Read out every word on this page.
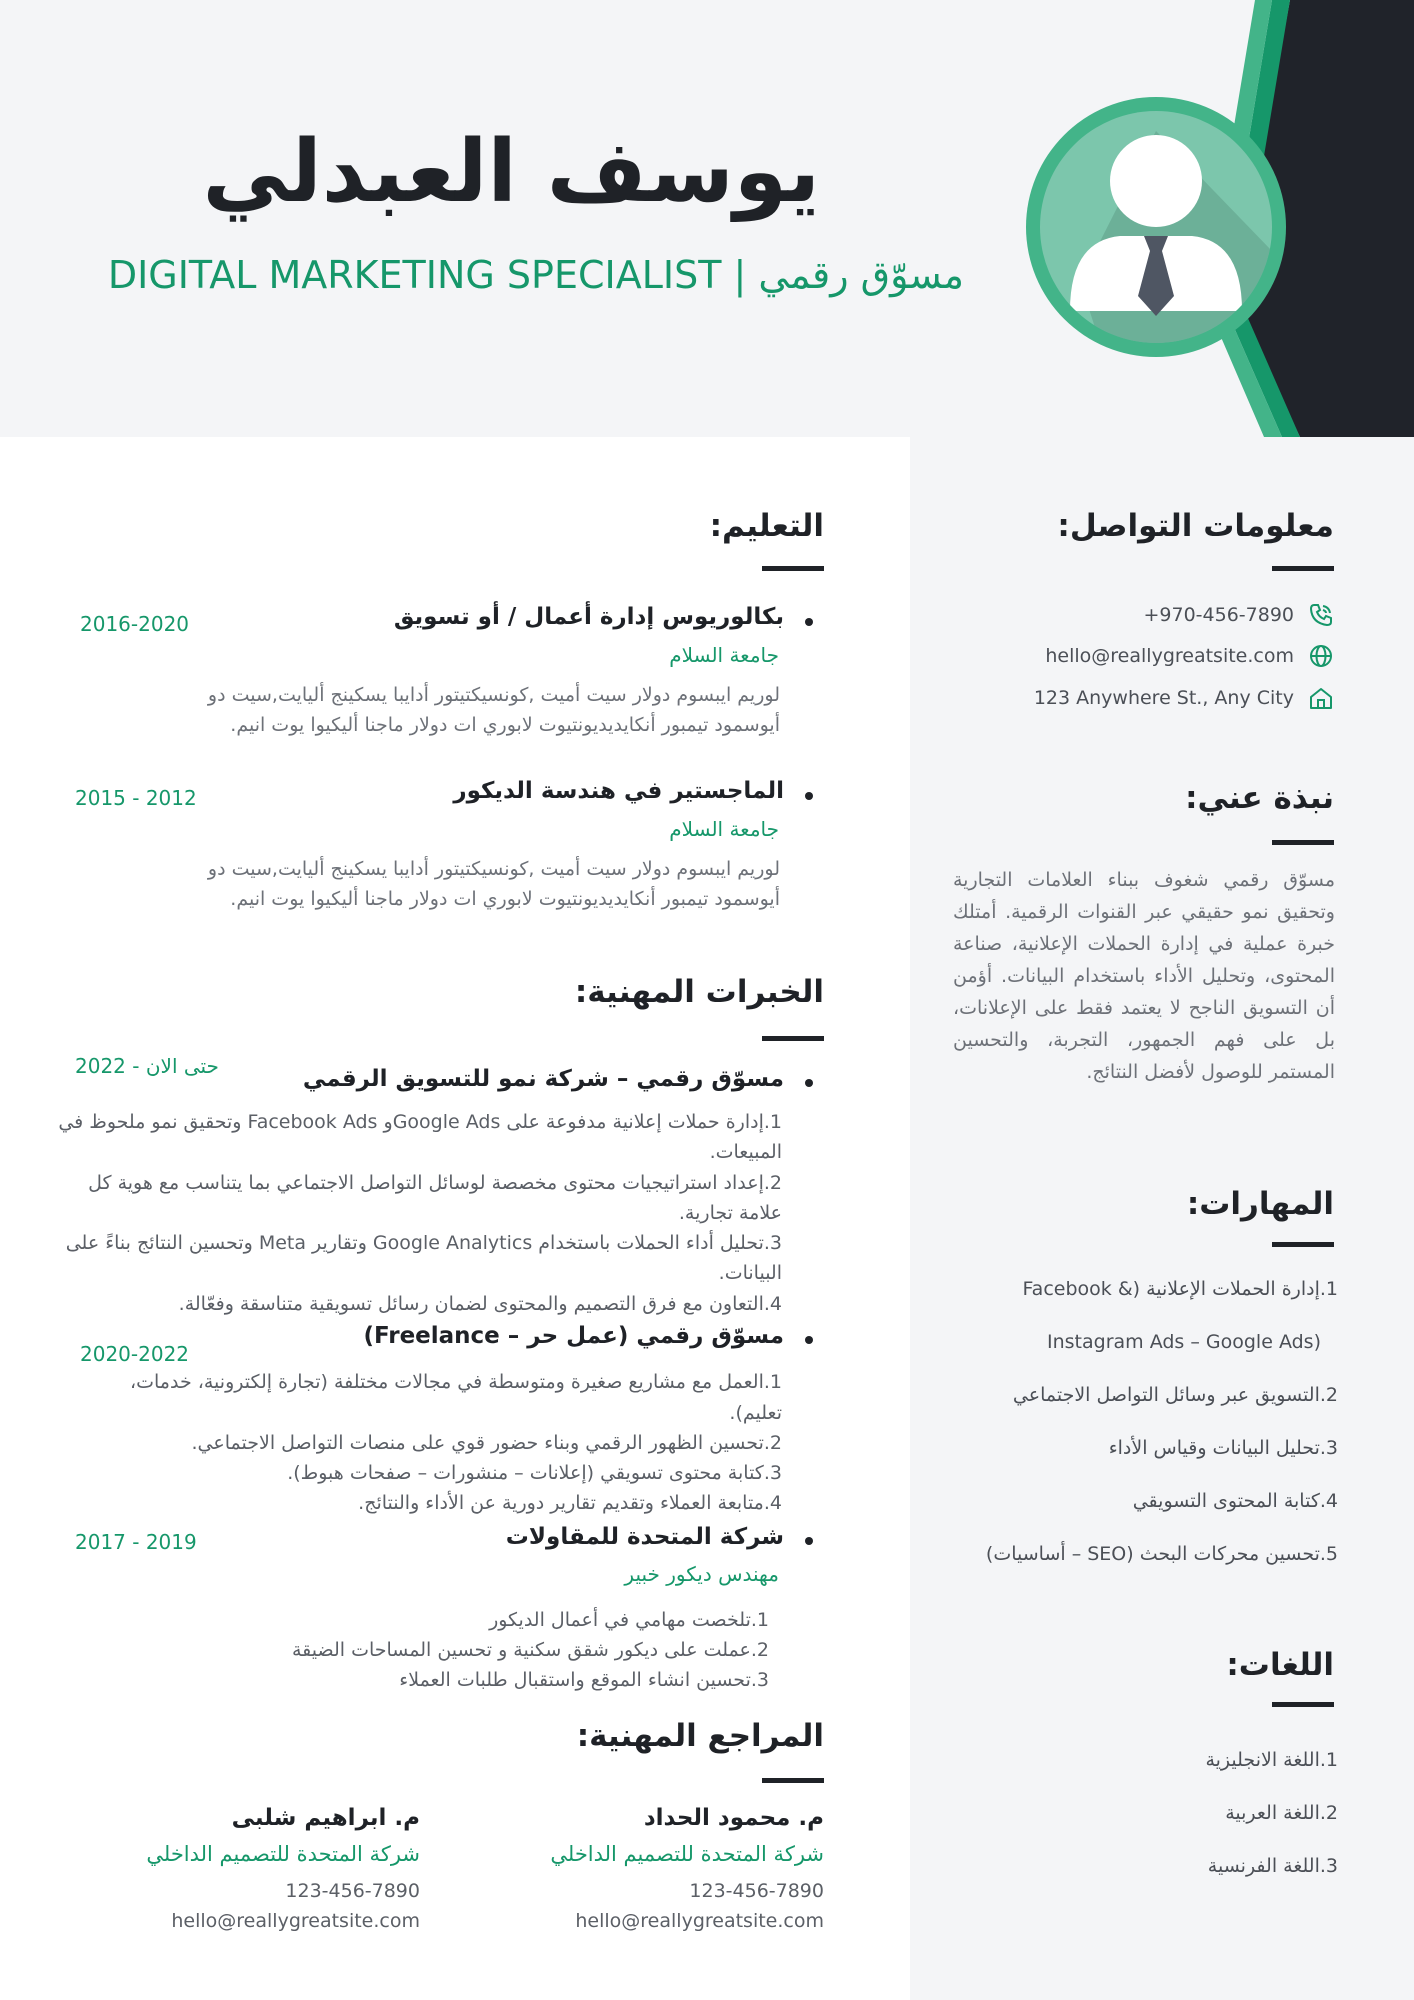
يوسف العبدلي
DIGITAL MARKETING SPECIALIST | مسوّق رقمي
معلومات التواصل:
+970-456-7890
hello@reallygreatsite.com
123 Anywhere St., Any City
نبذة عني:
مسوّق رقمي شغوف ببناء العلامات التجارية وتحقيق نمو حقيقي عبر القنوات الرقمية. أمتلك خبرة عملية في إدارة الحملات الإعلانية، صناعة المحتوى، وتحليل الأداء باستخدام البيانات. أؤمن أن التسويق الناجح لا يعتمد فقط على الإعلانات، بل على فهم الجمهور، التجربة، والتحسين المستمر للوصول لأفضل النتائج.
المهارات:
1.إدارة الحملات الإعلانية (& Facebook
(Instagram Ads – Google Ads
2.التسويق عبر وسائل التواصل الاجتماعي
3.تحليل البيانات وقياس الأداء
4.كتابة المحتوى التسويقي
5.تحسين محركات البحث (SEO – أساسيات)
اللغات:
1.اللغة الانجليزية
2.اللغة العربية
3.اللغة الفرنسية
التعليم:
بكالوريوس إدارة أعمال / أو تسويق
2016-2020
جامعة السلام
لوريم ايبسوم دولار سيت أميت ,كونسيكتيتور أدايبا يسكينج أليايت,سيت دو
أيوسمود تيمبور أنكايديديونتيوت لابوري ات دولار ماجنا أليكيوا يوت انيم.
الماجستير في هندسة الديكور
2015 - 2012
جامعة السلام
لوريم ايبسوم دولار سيت أميت ,كونسيكتيتور أدايبا يسكينج أليايت,سيت دو
أيوسمود تيمبور أنكايديديونتيوت لابوري ات دولار ماجنا أليكيوا يوت انيم.
الخبرات المهنية:
مسوّق رقمي – شركة نمو للتسويق الرقمي
2022 - حتى الان
1.إدارة حملات إعلانية مدفوعة على Google Adsو Facebook Ads وتحقيق نمو ملحوظ في
المبيعات.
2.إعداد استراتيجيات محتوى مخصصة لوسائل التواصل الاجتماعي بما يتناسب مع هوية كل
علامة تجارية.
3.تحليل أداء الحملات باستخدام Google Analytics وتقارير Meta وتحسين النتائج بناءً على
البيانات.
4.التعاون مع فرق التصميم والمحتوى لضمان رسائل تسويقية متناسقة وفعّالة.
مسوّق رقمي (عمل حر – Freelance)
2020-2022
1.العمل مع مشاريع صغيرة ومتوسطة في مجالات مختلفة (تجارة إلكترونية، خدمات،
تعليم).
2.تحسين الظهور الرقمي وبناء حضور قوي على منصات التواصل الاجتماعي.
3.كتابة محتوى تسويقي (إعلانات – منشورات – صفحات هبوط).
4.متابعة العملاء وتقديم تقارير دورية عن الأداء والنتائج.
شركة المتحدة للمقاولات
2017 - 2019
مهندس ديكور خبير
1.تلخصت مهامي في أعمال الديكور
2.عملت على ديكور شقق سكنية و تحسين المساحات الضيقة
3.تحسين انشاء الموقع واستقبال طلبات العملاء
المراجع المهنية:
م. محمود الحداد
شركة المتحدة للتصميم الداخلي
123-456-7890
hello@reallygreatsite.com
م. ابراهيم شلبى
شركة المتحدة للتصميم الداخلي
123-456-7890
hello@reallygreatsite.com
